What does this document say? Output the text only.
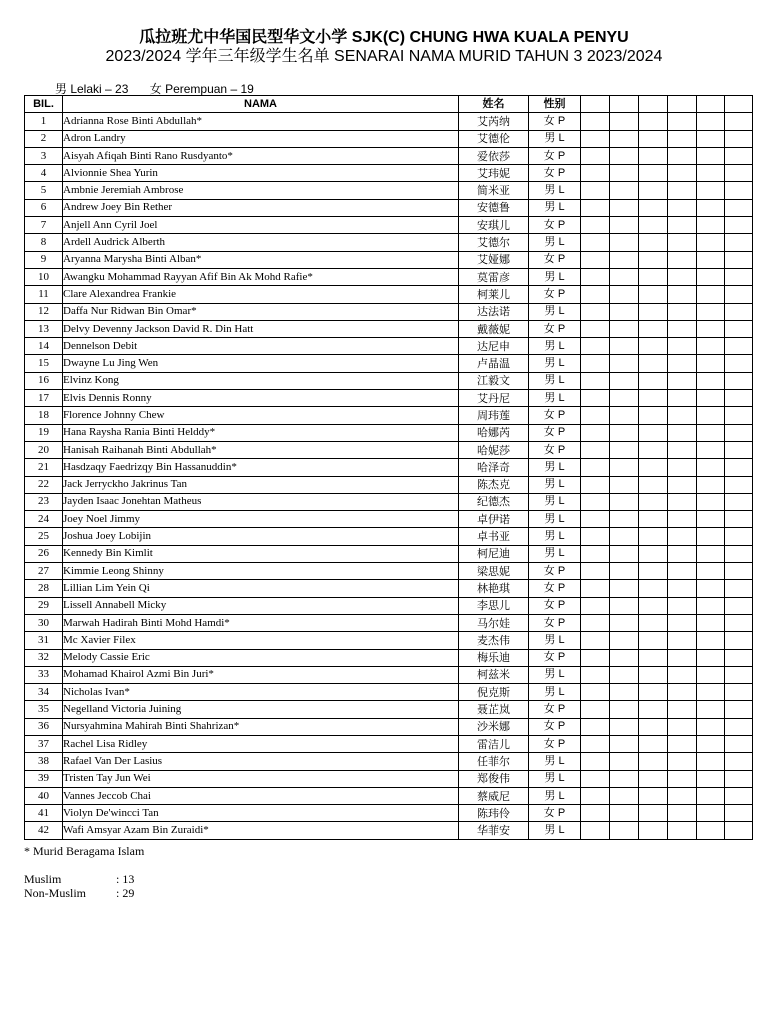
瓜拉班尤中华国民型华文小学 SJK(C) CHUNG HWA KUALA PENYU
2023/2024 学年三年级学生名单 SENARAI NAMA MURID TAHUN 3 2023/2024
男 Lelaki – 23 女 Perempuan – 19
BIL.	NAMA	姓名	性别						
1	Adrianna Rose Binti Abdullah*	艾芮纳	女 P						
2	Adron Landry	艾德伦	男 L						
3	Aisyah Afiqah Binti Rano Rusdyanto*	爱依莎	女 P						
4	Alvionnie Shea Yurin	艾玮妮	女 P						
5	Ambnie Jeremiah Ambrose	简米亚	男 L						
6	Andrew Joey Bin Rether	安德鲁	男 L						
7	Anjell Ann Cyril Joel	安琪儿	女 P						
8	Ardell Audrick Alberth	艾德尔	男 L						
9	Aryanna Marysha Binti Alban*	艾娅娜	女 P						
10	Awangku Mohammad Rayyan Afif Bin Ak Mohd Rafie*	莫雷彦	男 L						
11	Clare Alexandrea Frankie	柯莱儿	女 P						
12	Daffa Nur Ridwan Bin Omar*	达法诺	男 L						
13	Delvy Devenny Jackson David R. Din Hatt	戴薇妮	女 P						
14	Dennelson Debit	达尼申	男 L						
15	Dwayne Lu Jing Wen	卢晶温	男 L						
16	Elvinz Kong	江毅文	男 L						
17	Elvis Dennis Ronny	艾丹尼	男 L						
18	Florence Johnny Chew	周玮莲	女 P						
19	Hana Raysha Rania Binti Helddy*	哈娜芮	女 P						
20	Hanisah Raihanah Binti Abdullah*	哈妮莎	女 P						
21	Hasdzaqy Faedrizqy Bin Hassanuddin*	哈泽奇	男 L						
22	Jack Jerryckho Jakrinus Tan	陈杰克	男 L						
23	Jayden Isaac Jonehtan Matheus	纪德杰	男 L						
24	Joey Noel Jimmy	卓伊诺	男 L						
25	Joshua Joey Lobijin	卓书亚	男 L						
26	Kennedy Bin Kimlit	柯尼迪	男 L						
27	Kimmie Leong Shinny	梁思妮	女 P						
28	Lillian Lim Yein Qi	林艳琪	女 P						
29	Lissell Annabell Micky	李思儿	女 P						
30	Marwah Hadirah Binti Mohd Hamdi*	马尔娃	女 P						
31	Mc Xavier Filex	麦杰伟	男 L						
32	Melody Cassie Eric	梅乐迪	女 P						
33	Mohamad Khairol Azmi Bin Juri*	柯兹米	男 L						
34	Nicholas Ivan*	倪克斯	男 L						
35	Negelland Victoria Juining	聂芷岚	女 P						
36	Nursyahmina Mahirah Binti Shahrizan*	沙米娜	女 P						
37	Rachel Lisa Ridley	雷洁儿	女 P						
38	Rafael Van Der Lasius	任菲尔	男 L						
39	Tristen Tay Jun Wei	郑俊伟	男 L						
40	Vannes Jeccob Chai	蔡威尼	男 L						
41	Violyn De'wincci Tan	陈玮伶	女 P						
42	Wafi Amsyar Azam Bin Zuraidi*	华菲安	男 L						
* Murid Beragama Islam
Muslim	: 13
Non-Muslim : 29
